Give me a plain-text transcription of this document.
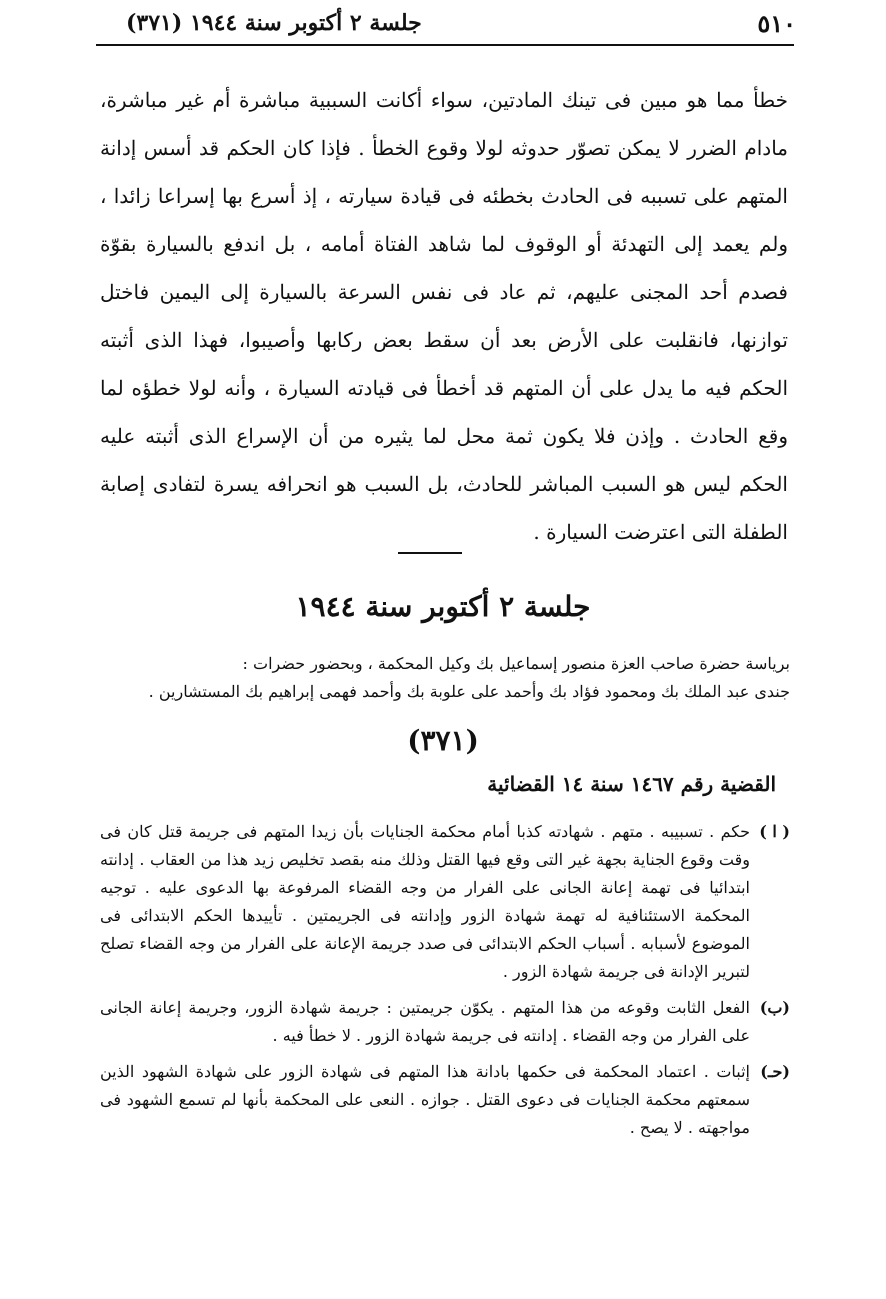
٥١٠
جلسة ٢ أكتوبر سنة ١٩٤٤ (٣٧١)

خطأ مما هو مبين فى تينك المادتين، سواء أكانت السببية مباشرة أم غير مباشرة، مادام الضرر لا يمكن تصوّر حدوثه لولا وقوع الخطأ . فإذا كان الحكم قد أسس إدانة المتهم على تسببه فى الحادث بخطئه فى قيادة سيارته ، إذ أسرع بها إسراعا زائدا ، ولم يعمد إلى التهدئة أو الوقوف لما شاهد الفتاة أمامه ، بل اندفع بالسيارة بقوّة فصدم أحد المجنى عليهم، ثم عاد فى نفس السرعة بالسيارة إلى اليمين فاختل توازنها، فانقلبت على الأرض بعد أن سقط بعض ركابها وأصيبوا، فهذا الذى أثبته الحكم فيه ما يدل على أن المتهم قد أخطأ فى قيادته السيارة ، وأنه لولا خطؤه لما وقع الحادث . وإذن فلا يكون ثمة محل لما يثيره من أن الإسراع الذى أثبته عليه الحكم ليس هو السبب المباشر للحادث، بل السبب هو انحرافه يسرة لتفادى إصابة الطفلة التى اعترضت السيارة .

جلسة ٢ أكتوبر سنة ١٩٤٤

برياسة حضرة صاحب العزة منصور إسماعيل بك وكيل المحكمة ، وبحضور حضرات :

جندى عبد الملك بك ومحمود فؤاد بك وأحمد على علوبة بك وأحمد فهمى إبراهيم بك المستشارين .

(٣٧١)
القضية رقم ١٤٦٧ سنة ١٤ القضائية
( ا )
حكم . تسبيبه . متهم . شهادته كذبا أمام محكمة الجنايات بأن زيدا المتهم فى جريمة قتل كان فى وقت وقوع الجناية بجهة غير التى وقع فيها القتل وذلك منه بقصد تخليص زيد هذا من العقاب . إدانته ابتدائيا فى تهمة إعانة الجانى على الفرار من وجه القضاء المرفوعة بها الدعوى عليه . توجيه المحكمة الاستئنافية له تهمة شهادة الزور وإدانته فى الجريمتين . تأييدها الحكم الابتدائى فى الموضوع لأسبابه . أسباب الحكم الابتدائى فى صدد جريمة الإعانة على الفرار من وجه القضاء تصلح لتبرير الإدانة فى جريمة شهادة الزور .
(ب)
الفعل الثابت وقوعه من هذا المتهم . يكوّن جريمتين : جريمة شهادة الزور، وجريمة إعانة الجانى على الفرار من وجه القضاء . إدانته فى جريمة شهادة الزور . لا خطأ فيه .
(حـ)
إثبات . اعتماد المحكمة فى حكمها بادانة هذا المتهم فى شهادة الزور على شهادة الشهود الذين سمعتهم محكمة الجنايات فى دعوى القتل . جوازه . النعى على المحكمة بأنها لم تسمع الشهود فى مواجهته . لا يصح .
